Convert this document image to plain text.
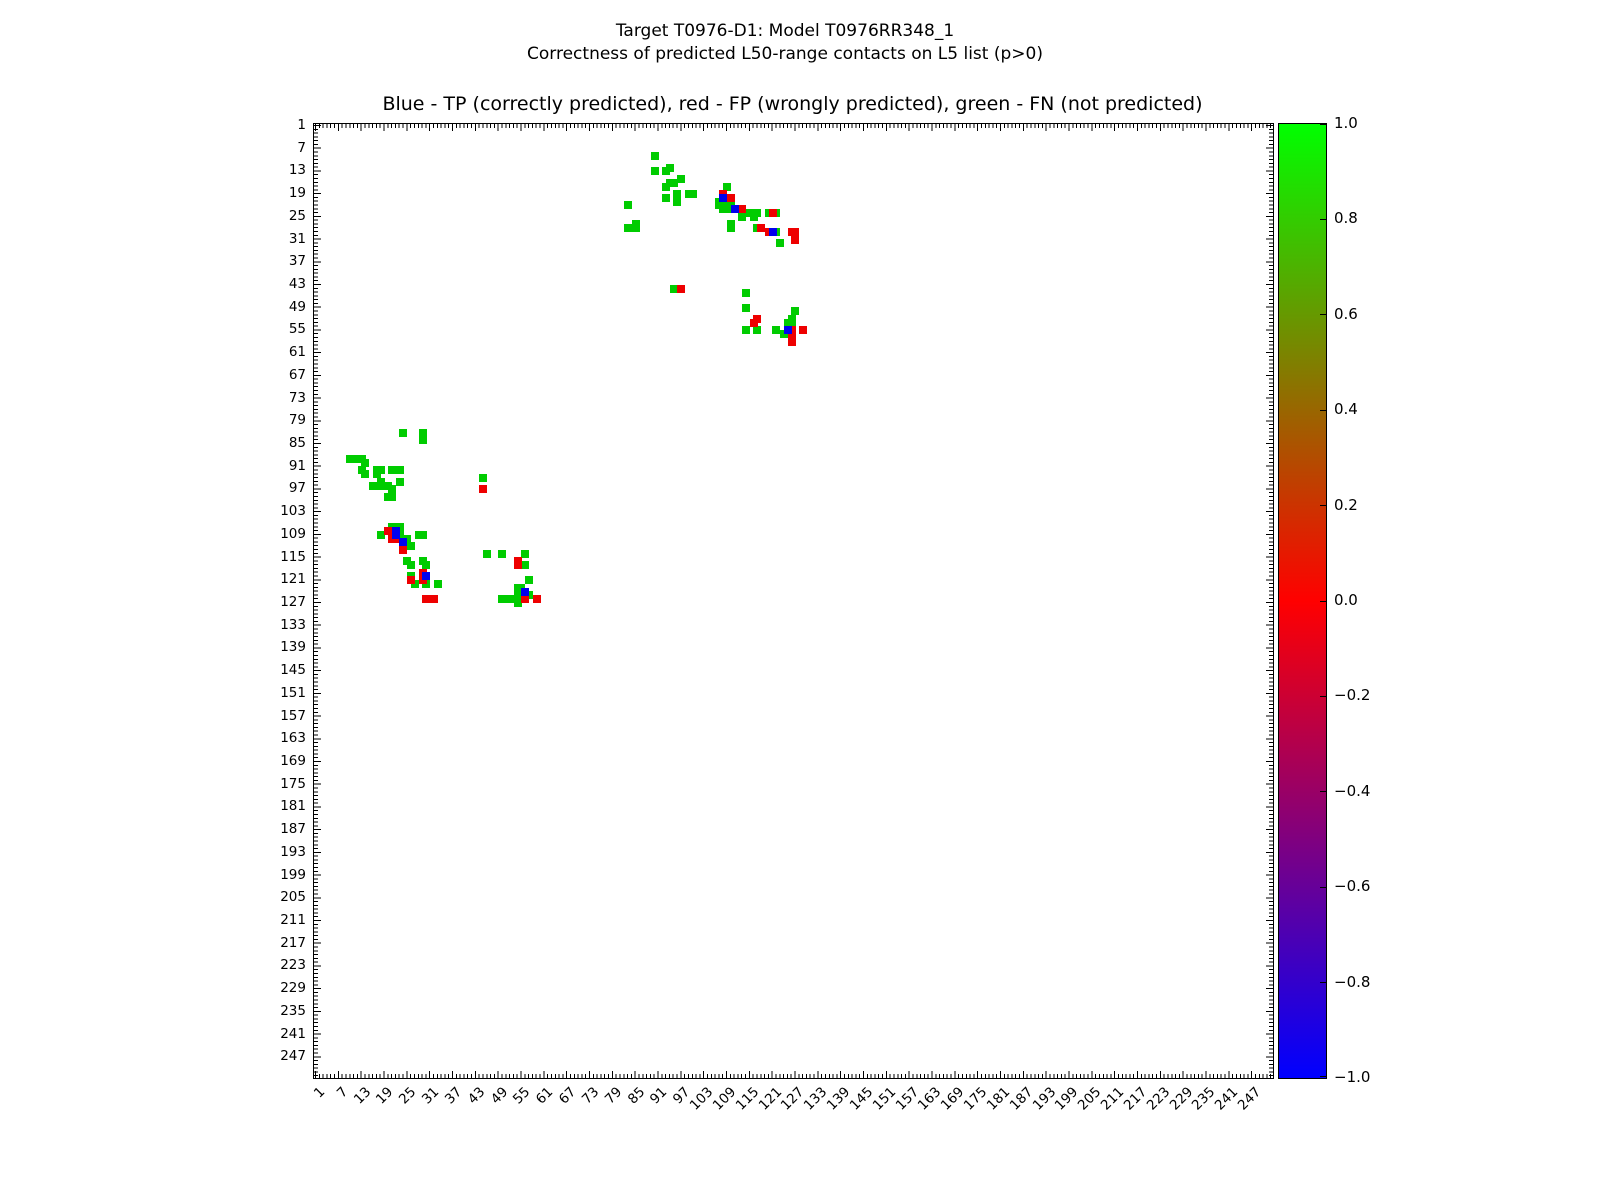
Target T0976-D1: Model T0976RR348_1
Correctness of predicted L50-range contacts on L5 list (p>0)
Blue - TP (correctly predicted), red - FP (wrongly predicted), green - FN (not predicted)
1
7
13
19
25
31
37
43
49
55
61
67
73
79
85
91
97
103
109
115
121
127
133
139
145
151
157
163
169
175
181
187
193
199
205
211
217
223
229
235
241
247
1 7 13 19 25 31 37 43 49 55 61 67 73 79 85 91 97
103
109
115
121
127
133
139
145
151
157
163
169
175
181
187
193
199
205
211
217
223
229
235
241
247
1.0
0.8
0.6
0.4
0.2
0.0
−0.2
−0.4
−0.6
−0.8
−1.0
